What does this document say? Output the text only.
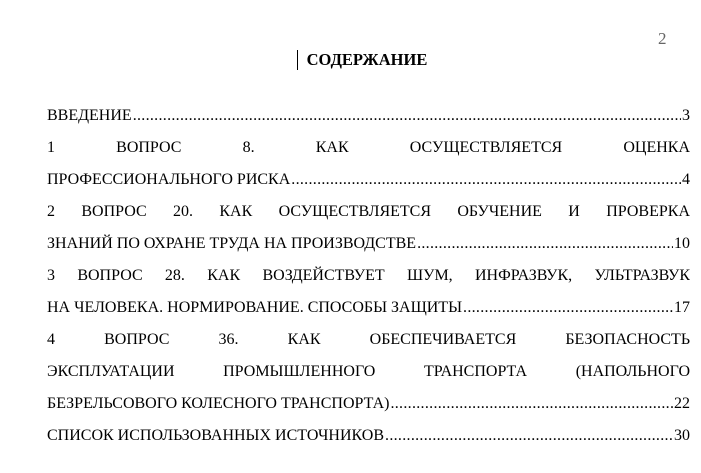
2
СОДЕРЖАНИЕ
ВВЕДЕНИЕ .....	3
1 ВОПРОС 8. КАК ОСУЩЕСТВЛЯЕТСЯ ОЦЕНКА
ПРОФЕССИОНАЛЬНОГО РИСКА .....	4
2 ВОПРОС 20. КАК ОСУЩЕСТВЛЯЕТСЯ ОБУЧЕНИЕ И ПРОВЕРКА
ЗНАНИЙ ПО ОХРАНЕ ТРУДА НА ПРОИЗВОДСТВЕ .....	10
3 ВОПРОС 28. КАК ВОЗДЕЙСТВУЕТ ШУМ, ИНФРАЗВУК, УЛЬТРАЗВУК
НА ЧЕЛОВЕКА. НОРМИРОВАНИЕ. СПОСОБЫ ЗАЩИТЫ .....	17
4 ВОПРОС 36. КАК ОБЕСПЕЧИВАЕТСЯ БЕЗОПАСНОСТЬ
ЭКСПЛУАТАЦИИ ПРОМЫШЛЕННОГО ТРАНСПОРТА (НАПОЛЬНОГО
БЕЗРЕЛЬСОВОГО КОЛЕСНОГО ТРАНСПОРТА) .....	22
СПИСОК ИСПОЛЬЗОВАННЫХ ИСТОЧНИКОВ .....	30
